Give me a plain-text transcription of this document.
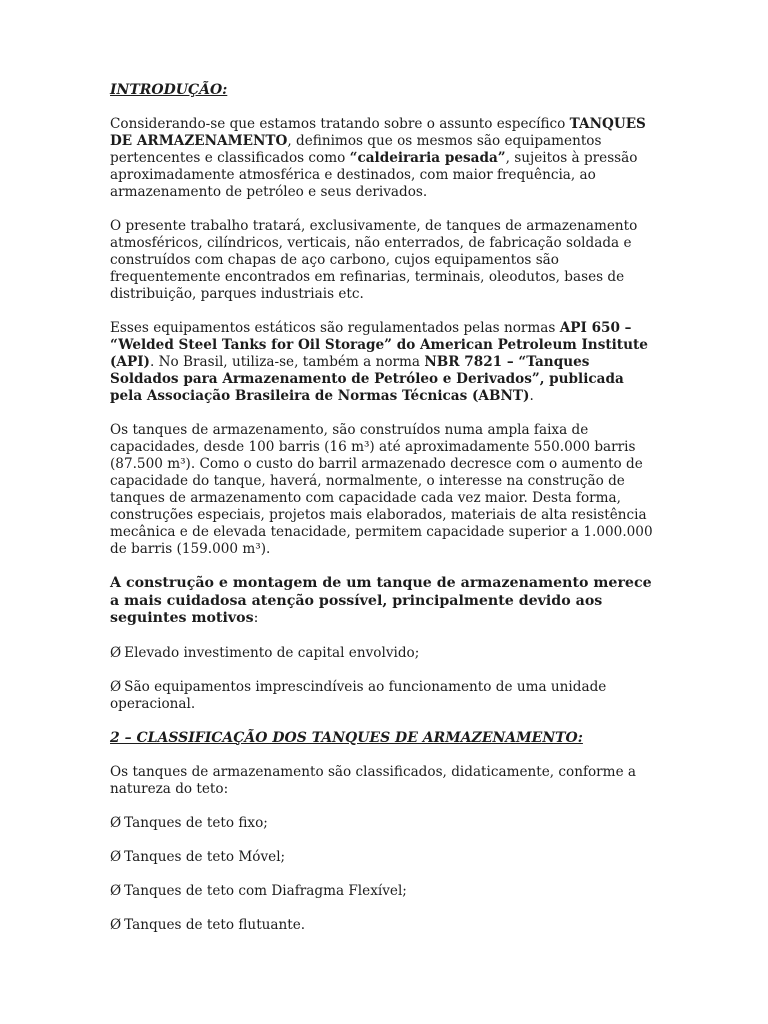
INTRODUÇÃO:

Considerando-se que estamos tratando sobre o assunto específico TANQUES DE ARMAZENAMENTO, definimos que os mesmos são equipamentos pertencentes e classificados como “caldeiraria pesada”, sujeitos à pressão aproximadamente atmosférica e destinados, com maior frequência, ao armazenamento de petróleo e seus derivados.

O presente trabalho tratará, exclusivamente, de tanques de armazenamento atmosféricos, cilíndricos, verticais, não enterrados, de fabricação soldada e construídos com chapas de aço carbono, cujos equipamentos são frequentemente encontrados em refinarias, terminais, oleodutos, bases de distribuição, parques industriais etc.

Esses equipamentos estáticos são regulamentados pelas normas API 650 – “Welded Steel Tanks for Oil Storage” do American Petroleum Institute (API). No Brasil, utiliza-se, também a norma NBR 7821 – “Tanques Soldados para Armazenamento de Petróleo e Derivados”, publicada pela Associação Brasileira de Normas Técnicas (ABNT).

Os tanques de armazenamento, são construídos numa ampla faixa de capacidades, desde 100 barris (16 m³) até aproximadamente 550.000 barris (87.500 m³). Como o custo do barril armazenado decresce com o aumento de capacidade do tanque, haverá, normalmente, o interesse na construção de tanques de armazenamento com capacidade cada vez maior. Desta forma, construções especiais, projetos mais elaborados, materiais de alta resistência mecânica e de elevada tenacidade, permitem capacidade superior a 1.000.000 de barris (159.000 m³).

A construção e montagem de um tanque de armazenamento merece a mais cuidadosa atenção possível, principalmente devido aos seguintes motivos:

Ø Elevado investimento de capital envolvido;

Ø São equipamentos imprescindíveis ao funcionamento de uma unidade operacional.

2 – CLASSIFICAÇÃO DOS TANQUES DE ARMAZENAMENTO:

Os tanques de armazenamento são classificados, didaticamente, conforme a natureza do teto:

Ø Tanques de teto fixo;

Ø Tanques de teto Móvel;

Ø Tanques de teto com Diafragma Flexível;

Ø Tanques de teto flutuante.
